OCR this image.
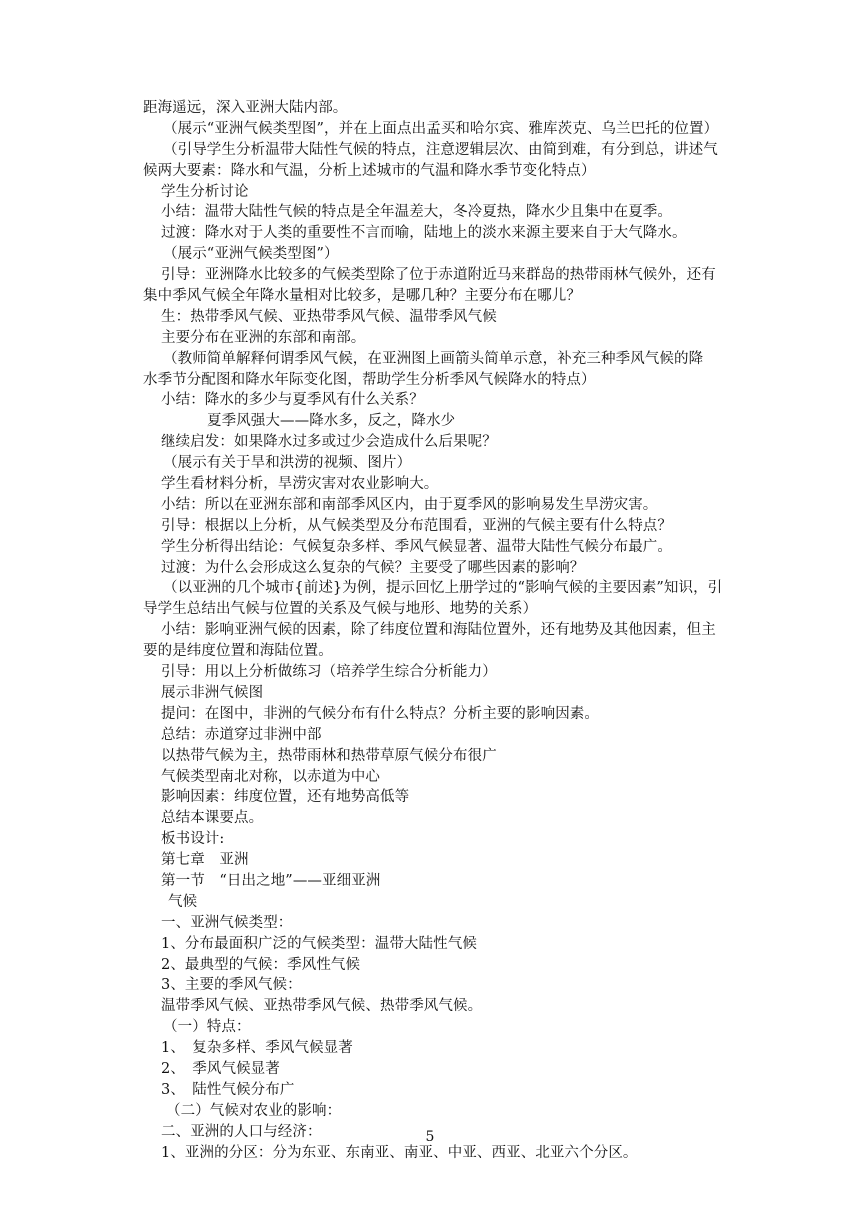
距海遥远，深入亚洲大陆内部。
（展示“亚洲气候类型图”，并在上面点出孟买和哈尔宾、雅库茨克、乌兰巴托的位置）
（引导学生分析温带大陆性气候的特点，注意逻辑层次、由简到难，有分到总，讲述气
候两大要素：降水和气温，分析上述城市的气温和降水季节变化特点）
学生分析讨论
小结：温带大陆性气候的特点是全年温差大，冬冷夏热，降水少且集中在夏季。
过渡：降水对于人类的重要性不言而喻，陆地上的淡水来源主要来自于大气降水。
（展示“亚洲气候类型图”）
引导：亚洲降水比较多的气候类型除了位于赤道附近马来群岛的热带雨林气候外，还有
集中季风气候全年降水量相对比较多，是哪几种？主要分布在哪儿？
生：热带季风气候、亚热带季风气候、温带季风气候
主要分布在亚洲的东部和南部。
（教师简单解释何谓季风气候，在亚洲图上画箭头简单示意，补充三种季风气候的降
水季节分配图和降水年际变化图，帮助学生分析季风气候降水的特点）
小结：降水的多少与夏季风有什么关系？
夏季风强大——降水多，反之，降水少
继续启发：如果降水过多或过少会造成什么后果呢？
（展示有关于旱和洪涝的视频、图片）
学生看材料分析，旱涝灾害对农业影响大。
小结：所以在亚洲东部和南部季风区内，由于夏季风的影响易发生旱涝灾害。
引导：根据以上分析，从气候类型及分布范围看，亚洲的气候主要有什么特点？
学生分析得出结论：气候复杂多样、季风气候显著、温带大陆性气候分布最广。
过渡：为什么会形成这么复杂的气候？主要受了哪些因素的影响？
（以亚洲的几个城市{前述}为例，提示回忆上册学过的“影响气候的主要因素”知识，引
导学生总结出气候与位置的关系及气候与地形、地势的关系）
小结：影响亚洲气候的因素，除了纬度位置和海陆位置外，还有地势及其他因素，但主
要的是纬度位置和海陆位置。
引导：用以上分析做练习（培养学生综合分析能力）
展示非洲气候图
提问：在图中，非洲的气候分布有什么特点？分析主要的影响因素。
总结：赤道穿过非洲中部
以热带气候为主，热带雨林和热带草原气候分布很广
气候类型南北对称，以赤道为中心
影响因素：纬度位置，还有地势高低等
总结本课要点。
板书设计:
第七章　亚洲
第一节　“日出之地”——亚细亚洲
气候
一、亚洲气候类型：
1、分布最面积广泛的气候类型：温带大陆性气候
2、最典型的气候：季风性气候
3、主要的季风气候：
温带季风气候、亚热带季风气候、热带季风气候。
（一）特点：
1、　复杂多样、季风气候显著
2、　季风气候显著
3、　陆性气候分布广
（二）气候对农业的影响：
二、亚洲的人口与经济：
1、亚洲的分区：分为东亚、东南亚、南亚、中亚、西亚、北亚六个分区。
5
